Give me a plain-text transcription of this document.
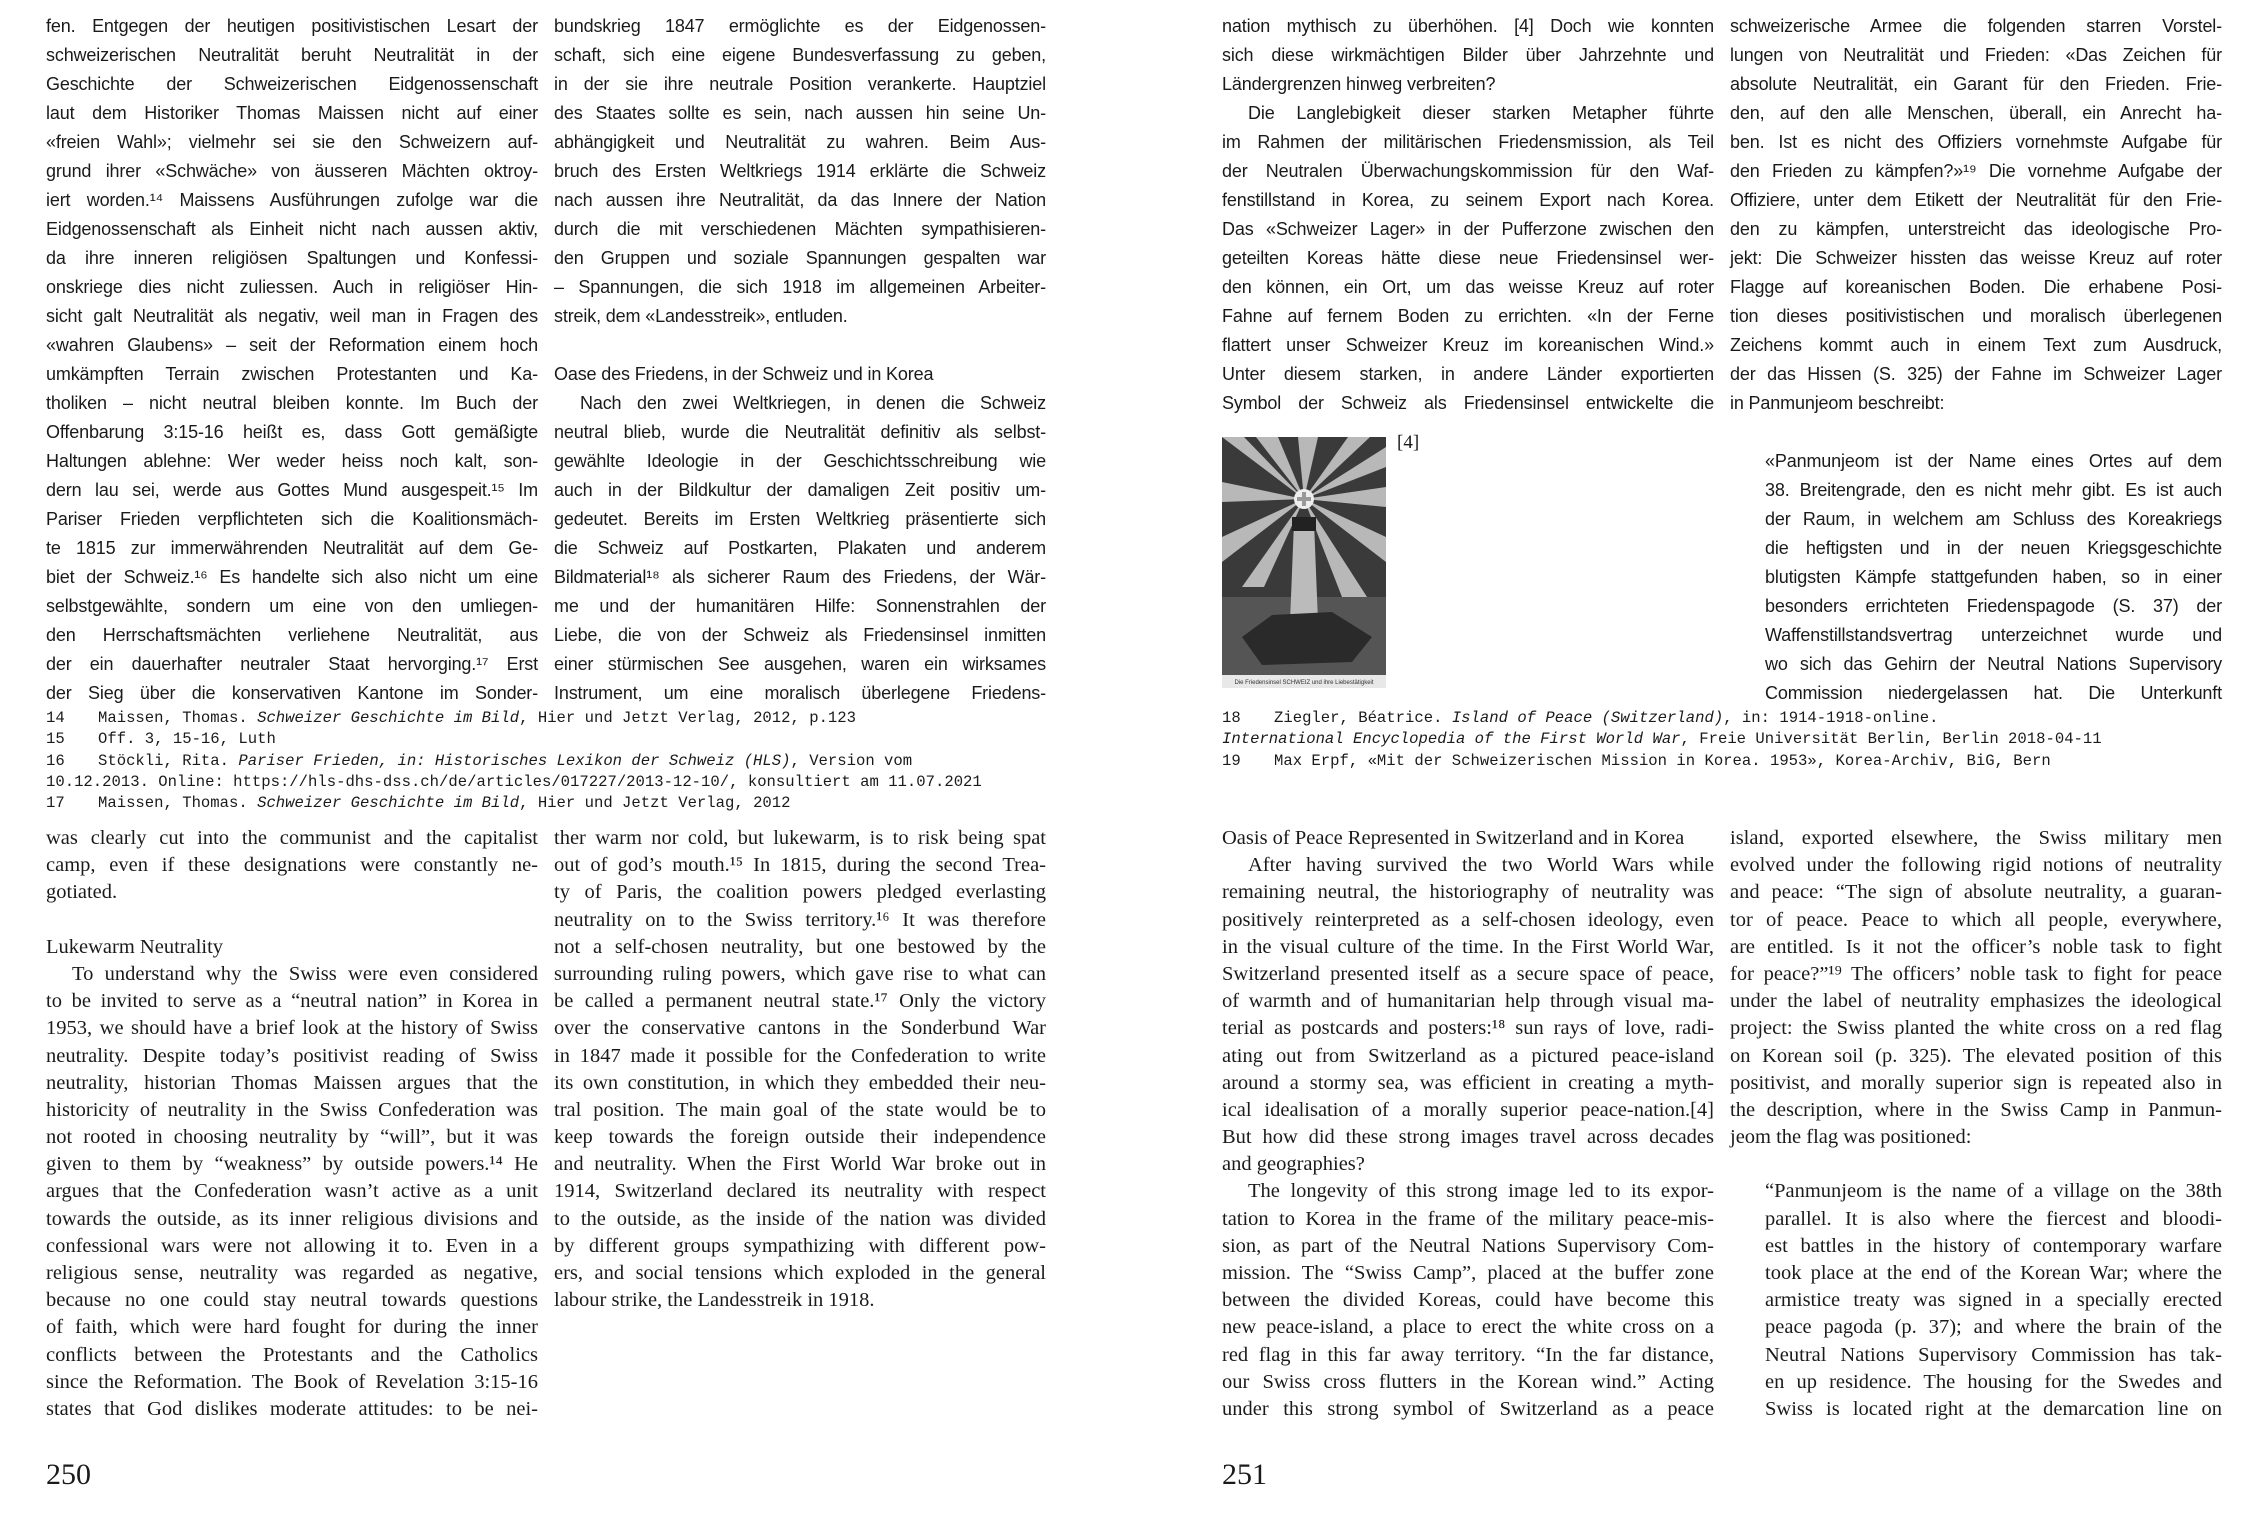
fen. Entgegen der heutigen positivistischen Lesart der
schweizerischen Neutralität beruht Neutralität in der
Geschichte der Schweizerischen Eidgenossenschaft
laut dem Historiker Thomas Maissen nicht auf einer
«freien Wahl»; vielmehr sei sie den Schweizern auf-
grund ihrer «Schwäche» von äusseren Mächten oktroy-
iert worden.¹⁴ Maissens Ausführungen zufolge war die
Eidgenossenschaft als Einheit nicht nach aussen aktiv,
da ihre inneren religiösen Spaltungen und Konfessi-
onskriege dies nicht zuliessen. Auch in religiöser Hin-
sicht galt Neutralität als negativ, weil man in Fragen des
«wahren Glaubens» – seit der Reformation einem hoch
umkämpften Terrain zwischen Protestanten und Ka-
tholiken – nicht neutral bleiben konnte. Im Buch der
Offenbarung 3:15-16 heißt es, dass Gott gemäßigte
Haltungen ablehne: Wer weder heiss noch kalt, son-
dern lau sei, werde aus Gottes Mund ausgespeit.¹⁵ Im
Pariser Frieden verpflichteten sich die Koalitionsmäch-
te 1815 zur immerwährenden Neutralität auf dem Ge-
biet der Schweiz.¹⁶ Es handelte sich also nicht um eine
selbstgewählte, sondern um eine von den umliegen-
den Herrschaftsmächten verliehene Neutralität, aus
der ein dauerhafter neutraler Staat hervorging.¹⁷ Erst
der Sieg über die konservativen Kantone im Sonder-
bundskrieg 1847 ermöglichte es der Eidgenossen-
schaft, sich eine eigene Bundesverfassung zu geben,
in der sie ihre neutrale Position verankerte. Hauptziel
des Staates sollte es sein, nach aussen hin seine Un-
abhängigkeit und Neutralität zu wahren. Beim Aus-
bruch des Ersten Weltkriegs 1914 erklärte die Schweiz
nach aussen ihre Neutralität, da das Innere der Nation
durch die mit verschiedenen Mächten sympathisieren-
den Gruppen und soziale Spannungen gespalten war
– Spannungen, die sich 1918 im allgemeinen Arbeiter-
streik, dem «Landesstreik», entluden.
Oase des Friedens, in der Schweiz und in Korea
Nach den zwei Weltkriegen, in denen die Schweiz
neutral blieb, wurde die Neutralität definitiv als selbst-
gewählte Ideologie in der Geschichtsschreibung wie
auch in der Bildkultur der damaligen Zeit positiv um-
gedeutet. Bereits im Ersten Weltkrieg präsentierte sich
die Schweiz auf Postkarten, Plakaten und anderem
Bildmaterial¹⁸ als sicherer Raum des Friedens, der Wär-
me und der humanitären Hilfe: Sonnenstrahlen der
Liebe, die von der Schweiz als Friedensinsel inmitten
einer stürmischen See ausgehen, waren ein wirksames
Instrument, um eine moralisch überlegene Friedens-
nation mythisch zu überhöhen. [4] Doch wie konnten
sich diese wirkmächtigen Bilder über Jahrzehnte und
Ländergrenzen hinweg verbreiten?
Die Langlebigkeit dieser starken Metapher führte
im Rahmen der militärischen Friedensmission, als Teil
der Neutralen Überwachungskommission für den Waf-
fenstillstand in Korea, zu seinem Export nach Korea.
Das «Schweizer Lager» in der Pufferzone zwischen den
geteilten Koreas hätte diese neue Friedensinsel wer-
den können, ein Ort, um das weisse Kreuz auf roter
Fahne auf fernem Boden zu errichten. «In der Ferne
flattert unser Schweizer Kreuz im koreanischen Wind.»
Unter diesem starken, in andere Länder exportierten
Symbol der Schweiz als Friedensinsel entwickelte die
schweizerische Armee die folgenden starren Vorstel-
lungen von Neutralität und Frieden: «Das Zeichen für
absolute Neutralität, ein Garant für den Frieden. Frie-
den, auf den alle Menschen, überall, ein Anrecht ha-
ben. Ist es nicht des Offiziers vornehmste Aufgabe für
den Frieden zu kämpfen?»¹⁹ Die vornehme Aufgabe der
Offiziere, unter dem Etikett der Neutralität für den Frie-
den zu kämpfen, unterstreicht das ideologische Pro-
jekt: Die Schweizer hissten das weisse Kreuz auf roter
Flagge auf koreanischen Boden. Die erhabene Posi-
tion dieses positivistischen und moralisch überlegenen
Zeichens kommt auch in einem Text zum Ausdruck,
der das Hissen (S. 325) der Fahne im Schweizer Lager
in Panmunjeom beschreibt:
«Panmunjeom ist der Name eines Ortes auf dem
38. Breitengrade, den es nicht mehr gibt. Es ist auch
der Raum, in welchem am Schluss des Koreakriegs
die heftigsten und in der neuen Kriegsgeschichte
blutigsten Kämpfe stattgefunden haben, so in einer
besonders errichteten Friedenspagode (S. 37) der
Waffenstillstandsvertrag unterzeichnet wurde und
wo sich das Gehirn der Neutral Nations Supervisory
Commission niedergelassen hat. Die Unterkunft
Die Friedensinsel SCHWEIZ und ihre Liebestätigkeit
[4]
14 Maissen, Thomas. Schweizer Geschichte im Bild, Hier und Jetzt Verlag, 2012, p.123
15 Off. 3, 15-16, Luth
16 Stöckli, Rita. Pariser Frieden, in: Historisches Lexikon der Schweiz (HLS), Version vom
10.12.2013. Online: https://hls-dhs-dss.ch/de/articles/017227/2013-12-10/, konsultiert am 11.07.2021
17 Maissen, Thomas. Schweizer Geschichte im Bild, Hier und Jetzt Verlag, 2012
18 Ziegler, Béatrice. Island of Peace (Switzerland), in: 1914-1918-online.
International Encyclopedia of the First World War, Freie Universität Berlin, Berlin 2018-04-11
19 Max Erpf, «Mit der Schweizerischen Mission in Korea. 1953», Korea-Archiv, BiG, Bern
was clearly cut into the communist and the capitalist
camp, even if these designations were constantly ne-
gotiated.
Lukewarm Neutrality
To understand why the Swiss were even considered
to be invited to serve as a “neutral nation” in Korea in
1953, we should have a brief look at the history of Swiss
neutrality. Despite today’s positivist reading of Swiss
neutrality, historian Thomas Maissen argues that the
historicity of neutrality in the Swiss Confederation was
not rooted in choosing neutrality by “will”, but it was
given to them by “weakness” by outside powers.¹⁴ He
argues that the Confederation wasn’t active as a unit
towards the outside, as its inner religious divisions and
confessional wars were not allowing it to. Even in a
religious sense, neutrality was regarded as negative,
because no one could stay neutral towards questions
of faith, which were hard fought for during the inner
conflicts between the Protestants and the Catholics
since the Reformation. The Book of Revelation 3:15-16
states that God dislikes moderate attitudes: to be nei-
ther warm nor cold, but lukewarm, is to risk being spat
out of god’s mouth.¹⁵ In 1815, during the second Trea-
ty of Paris, the coalition powers pledged everlasting
neutrality on to the Swiss territory.¹⁶ It was therefore
not a self-chosen neutrality, but one bestowed by the
surrounding ruling powers, which gave rise to what can
be called a permanent neutral state.¹⁷ Only the victory
over the conservative cantons in the Sonderbund War
in 1847 made it possible for the Confederation to write
its own constitution, in which they embedded their neu-
tral position. The main goal of the state would be to
keep towards the foreign outside their independence
and neutrality. When the First World War broke out in
1914, Switzerland declared its neutrality with respect
to the outside, as the inside of the nation was divided
by different groups sympathizing with different pow-
ers, and social tensions which exploded in the general
labour strike, the Landesstreik in 1918.
Oasis of Peace Represented in Switzerland and in Korea
After having survived the two World Wars while
remaining neutral, the historiography of neutrality was
positively reinterpreted as a self-chosen ideology, even
in the visual culture of the time. In the First World War,
Switzerland presented itself as a secure space of peace,
of warmth and of humanitarian help through visual ma-
terial as postcards and posters:¹⁸ sun rays of love, radi-
ating out from Switzerland as a pictured peace-island
around a stormy sea, was efficient in creating a myth-
ical idealisation of a morally superior peace-nation.[4]
But how did these strong images travel across decades
and geographies?
The longevity of this strong image led to its expor-
tation to Korea in the frame of the military peace-mis-
sion, as part of the Neutral Nations Supervisory Com-
mission. The “Swiss Camp”, placed at the buffer zone
between the divided Koreas, could have become this
new peace-island, a place to erect the white cross on a
red flag in this far away territory. “In the far distance,
our Swiss cross flutters in the Korean wind.” Acting
under this strong symbol of Switzerland as a peace
island, exported elsewhere, the Swiss military men
evolved under the following rigid notions of neutrality
and peace: “The sign of absolute neutrality, a guaran-
tor of peace. Peace to which all people, everywhere,
are entitled. Is it not the officer’s noble task to fight
for peace?”¹⁹ The officers’ noble task to fight for peace
under the label of neutrality emphasizes the ideological
project: the Swiss planted the white cross on a red flag
on Korean soil (p. 325). The elevated position of this
positivist, and morally superior sign is repeated also in
the description, where in the Swiss Camp in Panmun-
jeom the flag was positioned:
“Panmunjeom is the name of a village on the 38th
parallel. It is also where the fiercest and bloodi-
est battles in the history of contemporary warfare
took place at the end of the Korean War; where the
armistice treaty was signed in a specially erected
peace pagoda (p. 37); and where the brain of the
Neutral Nations Supervisory Commission has tak-
en up residence. The housing for the Swedes and
Swiss is located right at the demarcation line on
250	251
